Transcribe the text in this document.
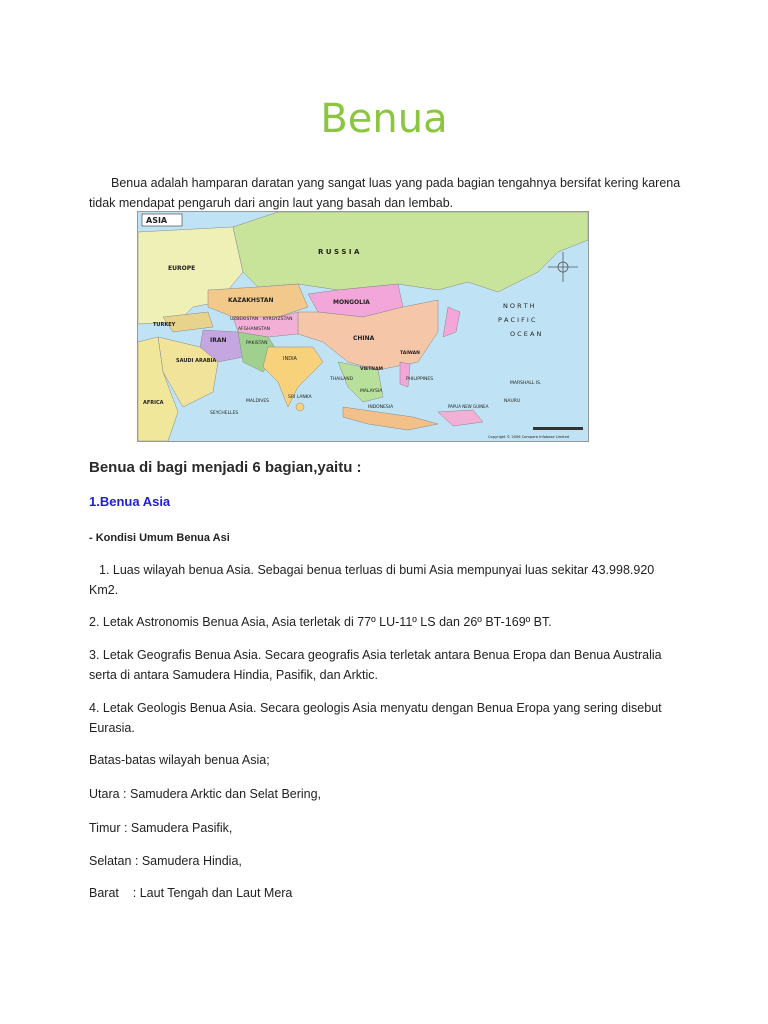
Benua

Benua adalah hamparan daratan yang sangat luas yang pada bagian tengahnya bersifat kering karena tidak mendapat pengaruh dari angin laut yang basah dan lembab.

ASIA
R U S S I A
EUROPE
KAZAKHSTAN	MONGOLIA
UZBEKISTAN KYRGYZSTAN
TURKEY
IRAN
AFGHANISTAN
PAKISTAN
CHINA
INDIA
SAUDI ARABIA
AFRICA
N O R T H
P A C I F I C
O C E A N
TAIWAN
VIETNAM
THAILAND	PHILIPPINES
MALAYSIA
INDONESIA
SRI LANKA
MALDIVES
SEYCHELLES
MARSHALL IS.
NAURU
PAPUA NEW GUINEA
Copyright © 2006 Compare Infobase Limited
Benua di bagi menjadi 6 bagian,yaitu :
1.Benua Asia

- Kondisi Umum Benua Asi

1. Luas wilayah benua Asia. Sebagai benua terluas di bumi Asia mempunyai luas sekitar 43.998.920 Km2.

2. Letak Astronomis Benua Asia, Asia terletak di 77º LU-11º LS dan 26º BT-169º BT.

3. Letak Geografis Benua Asia. Secara geografis Asia terletak antara Benua Eropa dan Benua Australia serta di antara Samudera Hindia, Pasifik, dan Arktic.

4. Letak Geologis Benua Asia. Secara geologis Asia menyatu dengan Benua Eropa yang sering disebut Eurasia.

Batas-batas wilayah benua Asia;

Utara : Samudera Arktic dan Selat Bering,

Timur : Samudera Pasifik,

Selatan : Samudera Hindia,

Barat    : Laut Tengah dan Laut Mera
